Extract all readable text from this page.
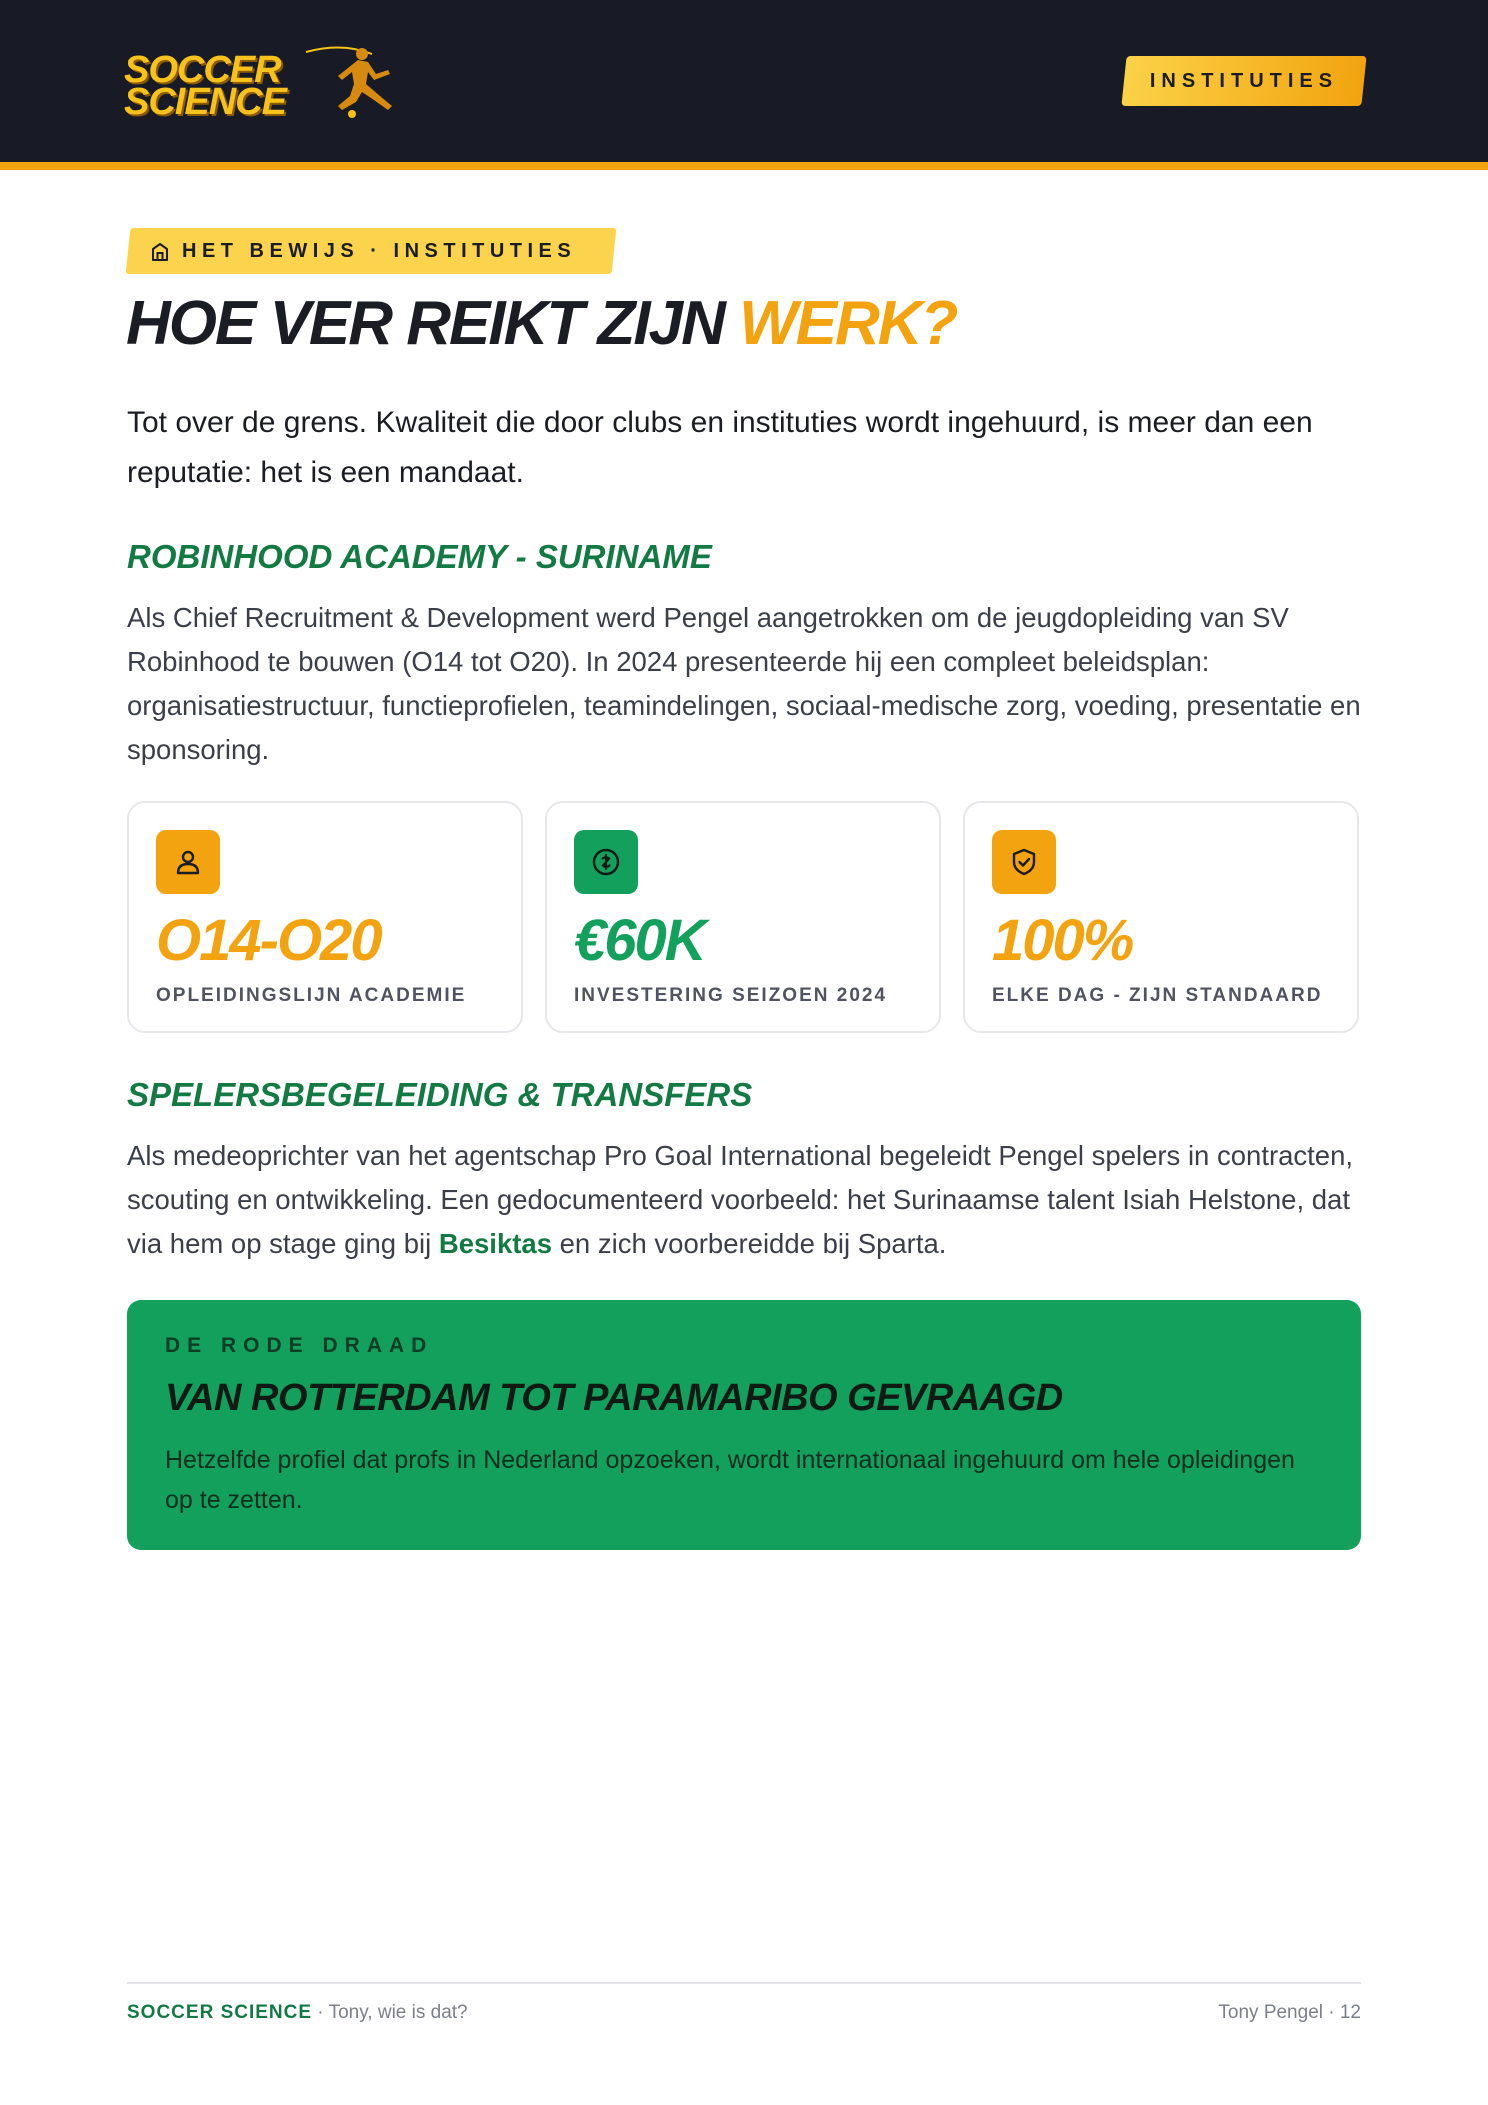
SOCCER
SCIENCE	INSTITUTIES
HET BEWIJS · INSTITUTIES
HOE VER REIKT ZIJN WERK?

Tot over de grens. Kwaliteit die door clubs en instituties wordt ingehuurd, is meer dan een reputatie: het is een mandaat.

ROBINHOOD ACADEMY - SURINAME

Als Chief Recruitment & Development werd Pengel aangetrokken om de jeugdopleiding van SV Robinhood te bouwen (O14 tot O20). In 2024 presenteerde hij een compleet beleidsplan: organisatiestructuur, functieprofielen, teamindelingen, sociaal-medische zorg, voeding, presentatie en sponsoring.

O14-O20
OPLEIDINGSLIJN ACADEMIE
€60K
INVESTERING SEIZOEN 2024
100%
ELKE DAG - ZIJN STANDAARD
SPELERSBEGELEIDING & TRANSFERS

Als medeoprichter van het agentschap Pro Goal International begeleidt Pengel spelers in contracten, scouting en ontwikkeling. Een gedocumenteerd voorbeeld: het Surinaamse talent Isiah Helstone, dat via hem op stage ging bij Besiktas en zich voorbereidde bij Sparta.

DE RODE DRAAD
VAN ROTTERDAM TOT PARAMARIBO GEVRAAGD

Hetzelfde profiel dat profs in Nederland opzoeken, wordt internationaal ingehuurd om hele opleidingen op te zetten.

SOCCER SCIENCE · Tony, wie is dat?	Tony Pengel · 12
